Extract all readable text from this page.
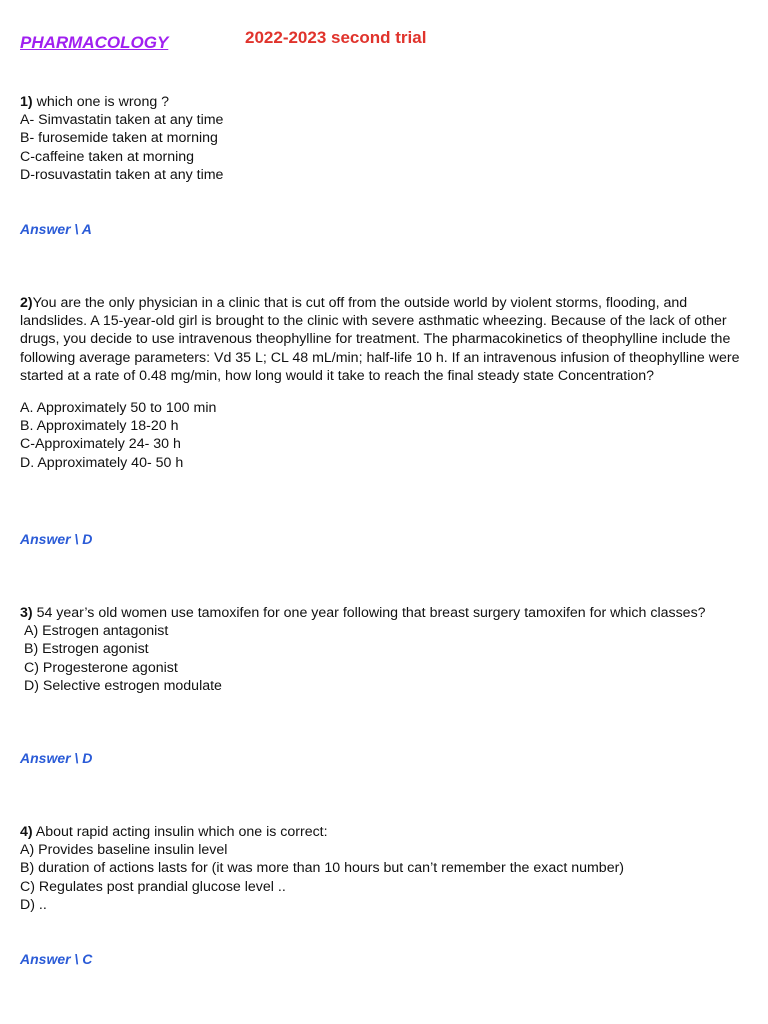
PHARMACOLOGY	2022-2023 second trial
1) which one is wrong ?
A- Simvastatin taken at any time
B- furosemide taken at morning
C-caffeine taken at morning
D-rosuvastatin taken at any time
Answer \ A
2)You are the only physician in a clinic that is cut off from the outside world by violent storms, flooding, and landslides. A 15-year-old girl is brought to the clinic with severe asthmatic wheezing. Because of the lack of other drugs, you decide to use intravenous theophylline for treatment. The pharmacokinetics of theophylline include the following average parameters: Vd 35 L; CL 48 mL/min; half-life 10 h. If an intravenous infusion of theophylline were started at a rate of 0.48 mg/min, how long would it take to reach the final steady state Concentration?
A. Approximately 50 to 100 min
B. Approximately 18-20 h
C-Approximately 24- 30 h
D. Approximately 40- 50 h
Answer \ D
3) 54 year’s old women use tamoxifen for one year following that breast surgery tamoxifen for which classes?
A) Estrogen antagonist
B) Estrogen agonist
C) Progesterone agonist
D) Selective estrogen modulate
Answer \ D
4) About rapid acting insulin which one is correct:
A) Provides baseline insulin level
B) duration of actions lasts for (it was more than 10 hours but can’t remember the exact number)
C) Regulates post prandial glucose level ..
D) ..
Answer \ C
